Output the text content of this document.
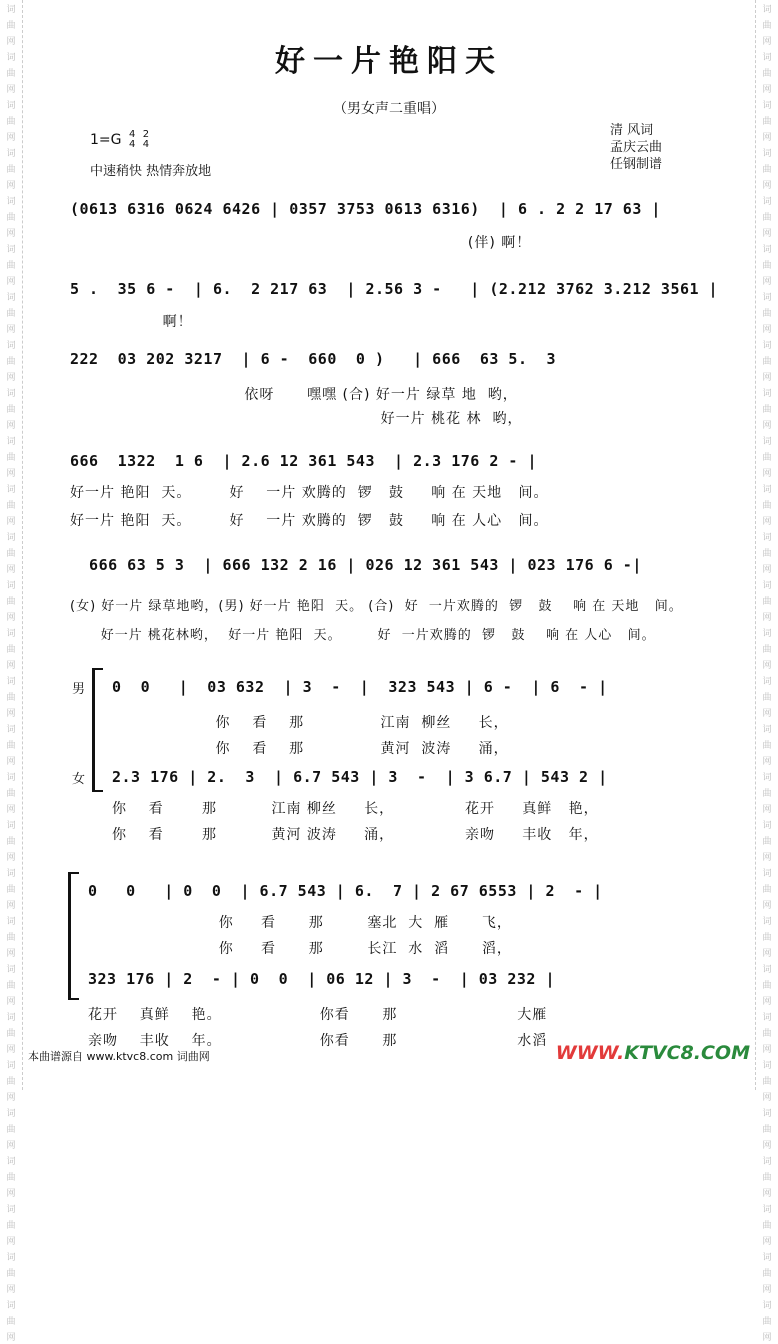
词
曲
网
词
曲
网
词
曲
网
词
曲
网
词
曲
网
词
曲
网
词
曲
网
词
曲
网
词
曲
网
词
曲
网
词
曲
网
词
曲
网
词
曲
网
词
曲
网
词
曲
网
词
曲
网
词
曲
网
词
曲
网
词
曲
网
词
曲
网
词
曲
网
词
曲
网
词
曲
网
词
曲
网
词
曲
网
词
曲
网
词
曲
网
词
曲
网
词
曲
网
词
曲
网
词
曲
网
词
曲
网
词
曲
网
词
曲
网
词
曲
网
词
曲
网
词
曲
网
词
曲
网
词
曲
网
词
曲
网
词
曲
网
词
曲
网
词
曲
网
词
曲
网
词
曲
网
词
曲
网
词
曲
网
词
曲
网
词
曲
网
词
曲
网
词
曲
网
词
曲
网
词
曲
网
词
曲
网
词
曲
网
词
曲
网
好一片艳阳天
（男女声二重唱）
1=G 4
4

2
4
中速稍快 热情奔放地
清 风词
孟庆云曲
任钢制谱
(0613 6316 0624 6426 | 0357 3753 0613 6316)  | 6 . 2 2 17 63 |
(伴) 啊！
5 .  35 6 -  | 6.  2 217 63  | 2.56 3 -   | (2.212 3762 3.212 3561 |
啊！
222  03 202 3217  | 6 -  660  0 )   | 666  63 5.  3
依呀      嘿嘿 (合) 好一片 绿草 地  哟，
好一片 桃花 林  哟，
666  1322  1 6  | 2.6 12 361 543  | 2.3 176 2 - |
好一片 艳阳  天。       好    一片 欢腾的  锣   鼓     响 在 天地   间。
好一片 艳阳  天。       好    一片 欢腾的  锣   鼓     响 在 人心   间。
666 63 5 3  | 666 132 2 16 | 026 12 361 543 | 023 176 6 -|
(女) 好一片 绿草地哟，(男) 好一片 艳阳  天。 (合)  好  一片欢腾的  锣   鼓    响 在 天地   间。
好一片 桃花林哟，  好一片 艳阳  天。       好  一片欢腾的  锣   鼓    响 在 人心   间。
男
女
0  0   |  03 632  | 3  -  |  323 543 | 6 -  | 6  - |
你    看    那              江南  柳丝     长，
你    看    那              黄河  波涛     涌，
2.3 176 | 2.  3  | 6.7 543 | 3  -  | 3 6.7 | 543 2 |
你    看       那          江南 柳丝     长，             花开     真鲜   艳，
你    看       那          黄河 波涛     涌，             亲吻     丰收   年，
0   0   | 0  0  | 6.7 543 | 6.  7 | 2 67 6553 | 2  - |
你     看      那        塞北  大  雁      飞，
你     看      那        长江  水  滔      滔，
323 176 | 2  - | 0  0  | 06 12 | 3  -  | 03 232 |
花开    真鲜    艳。                  你看      那                      大雁
亲吻    丰收    年。                  你看      那                      水滔
本曲谱源自 www.ktvc8.com 词曲网	WWW.KTVC8.COM
